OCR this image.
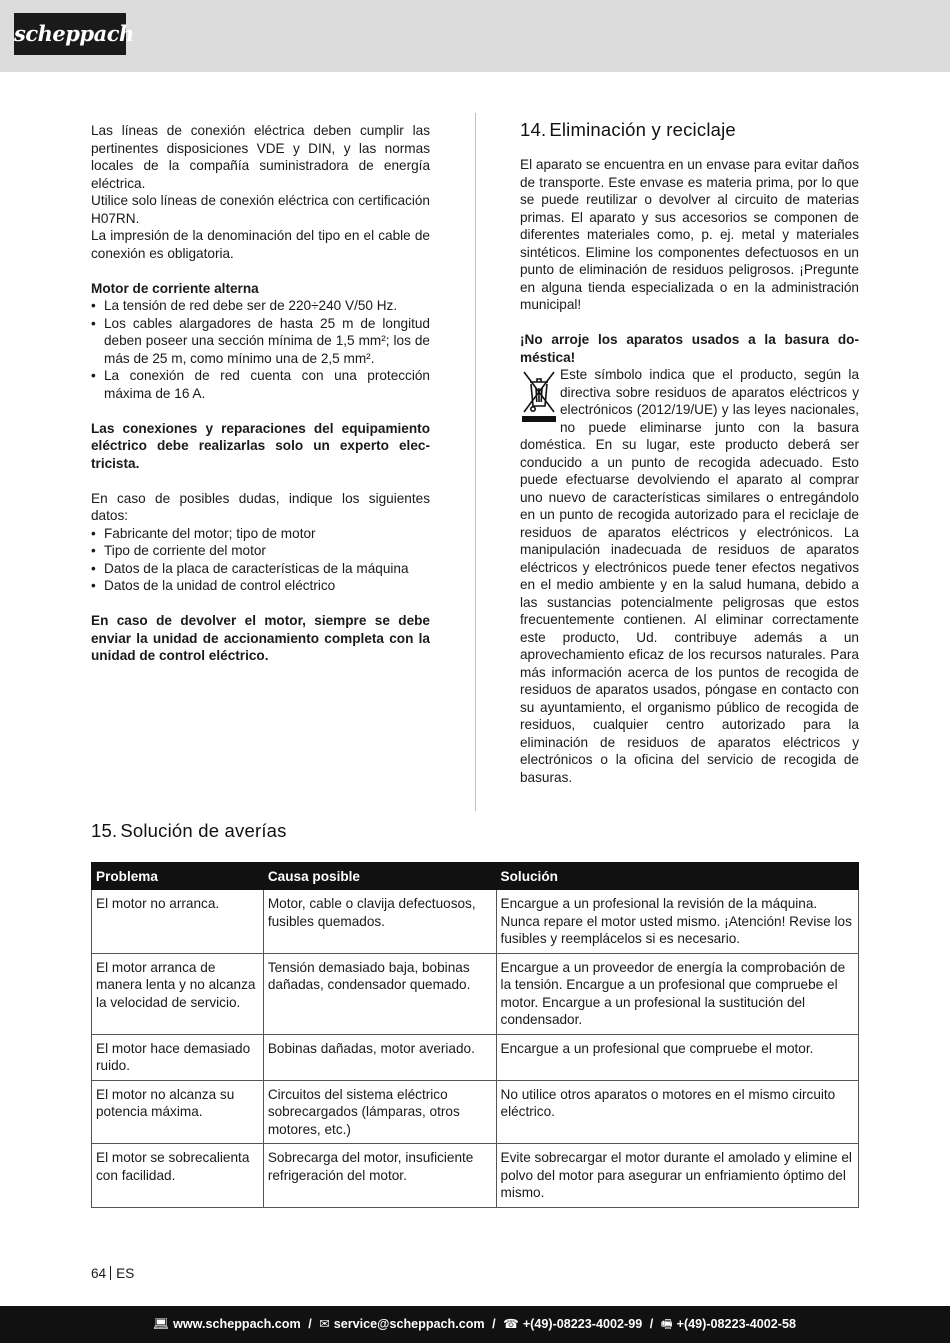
scheppach

Las líneas de conexión eléctrica deben cumplir las pertinentes disposiciones VDE y DIN, y las normas locales de la compañía suministradora de energía eléctrica.

Utilice solo líneas de conexión eléctrica con certificación H07RN.

La impresión de la denominación del tipo en el cable de conexión es obligatoria.

Motor de corriente alterna

• La tensión de red debe ser de 220÷240 V/50 Hz.
• Los cables alargadores de hasta 25 m de longitud deben poseer una sección mínima de 1,5 mm²; los de más de 25 m, como mínimo una de 2,5 mm².
• La conexión de red cuenta con una protección máxima de 16 A.

Las conexiones y reparaciones del equipamiento eléctrico debe realizarlas solo un experto electricista.

En caso de posibles dudas, indique los siguientes datos:

• Fabricante del motor; tipo de motor
• Tipo de corriente del motor
• Datos de la placa de características de la máquina
• Datos de la unidad de control eléctrico

En caso de devolver el motor, siempre se debe enviar la unidad de accionamiento completa con la unidad de control eléctrico.

14. Eliminación y reciclaje

El aparato se encuentra en un envase para evitar daños de transporte. Este envase es materia prima, por lo que se puede reutilizar o devolver al circuito de materias primas. El aparato y sus accesorios se componen de diferentes materiales como, p. ej. metal y materiales sintéticos. Elimine los componentes defectuosos en un punto de eliminación de residuos peligrosos. ¡Pregunte en alguna tienda especializada o en la administración municipal!

¡No arroje los aparatos usados a la basura doméstica!

Este símbolo indica que el producto, según la directiva sobre residuos de aparatos eléctricos y electrónicos (2012/19/UE) y las leyes nacionales, no puede eliminarse junto con la basura doméstica. En su lugar, este producto deberá ser conducido a un punto de recogida adecuado. Esto puede efectuarse devolviendo el aparato al comprar uno nuevo de características similares o entregándolo en un punto de recogida autorizado para el reciclaje de residuos de aparatos eléctricos y electrónicos. La manipulación inadecuada de residuos de aparatos eléctricos y electrónicos puede tener efectos negativos en el medio ambiente y en la salud humana, debido a las sustancias potencialmente peligrosas que estos frecuentemente contienen. Al eliminar correctamente este producto, Ud. contribuye además a un aprovechamiento eficaz de los recursos naturales. Para más información acerca de los puntos de recogida de residuos de aparatos usados, póngase en contacto con su ayuntamiento, el organismo público de recogida de residuos, cualquier centro autorizado para la eliminación de residuos de aparatos eléctricos y electrónicos o la oficina del servicio de recogida de basuras.

15. Solución de averías
Problema	Causa posible	Solución
El motor no arranca.	Motor, cable o clavija defectuosos, fusibles quemados.	Encargue a un profesional la revisión de la máquina. Nunca repare el motor usted mismo. ¡Atención! Revise los fusibles y reemplácelos si es necesario.
El motor arranca de manera lenta y no alcanza la velocidad de servicio.	Tensión demasiado baja, bobinas dañadas, condensador quemado.	Encargue a un proveedor de energía la comprobación de la tensión. Encargue a un profesional que compruebe el motor. Encargue a un profesional la sustitución del condensador.
El motor hace demasiado ruido.	Bobinas dañadas, motor averiado.	Encargue a un profesional que compruebe el motor.
El motor no alcanza su potencia máxima.	Circuitos del sistema eléctrico sobrecargados (lámparas, otros motores, etc.)	No utilice otros aparatos o motores en el mismo circuito eléctrico.
El motor se sobrecalienta con facilidad.	Sobrecarga del motor, insuficiente refrigeración del motor.	Evite sobrecargar el motor durante el amolado y elimine el polvo del motor para asegurar un enfriamiento óptimo del mismo.
64 ES
💻︎ www.scheppach.com / ✉︎ service@scheppach.com / ☎︎ +(49)-08223-4002-99 / 🖷︎ +(49)-08223-4002-58
